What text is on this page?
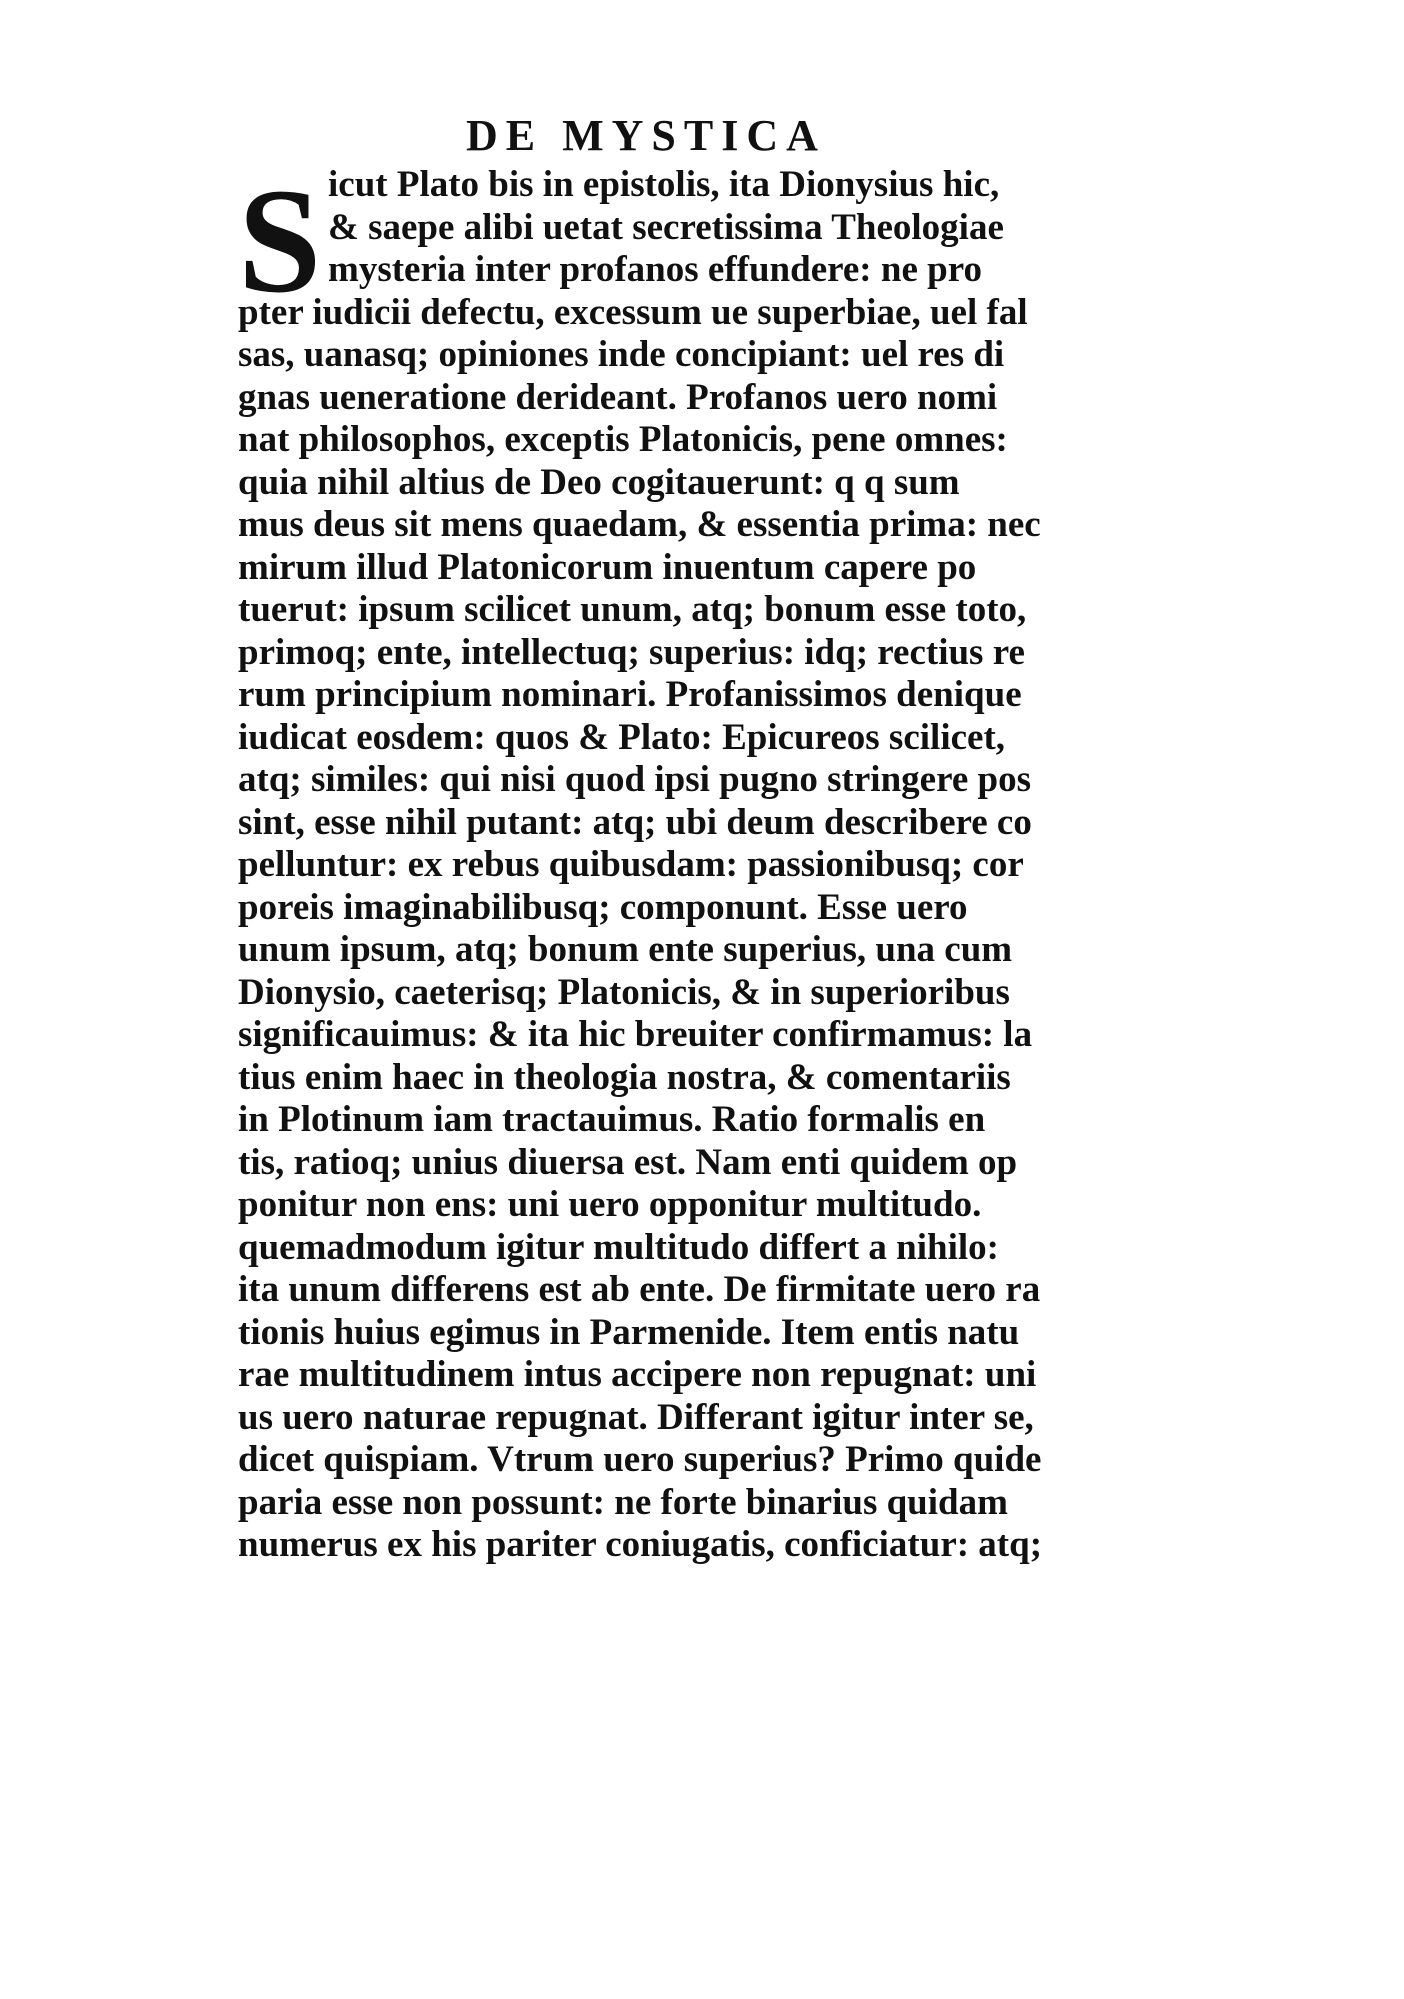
DE MYSTICA
S icut Plato bis in epistolis, ita Dionysius hic,
& saepe alibi uetat secretissima Theologiae
mysteria inter profanos effundere: ne pro
pter iudicii defectu, excessum ue superbiae, uel fal
sas, uanasq; opiniones inde concipiant: uel res di
gnas ueneratione derideant. Profanos uero nomi
nat philosophos, exceptis Platonicis, pene omnes:
quia nihil altius de Deo cogitauerunt: q q sum
mus deus sit mens quaedam, & essentia prima: nec
mirum illud Platonicorum inuentum capere po
tuerut: ipsum scilicet unum, atq; bonum esse toto,
primoq; ente, intellectuq; superius: idq; rectius re
rum principium nominari. Profanissimos denique
iudicat eosdem: quos & Plato: Epicureos scilicet,
atq; similes: qui nisi quod ipsi pugno stringere pos
sint, esse nihil putant: atq; ubi deum describere co
pelluntur: ex rebus quibusdam: passionibusq; cor
poreis imaginabilibusq; componunt. Esse uero
unum ipsum, atq; bonum ente superius, una cum
Dionysio, caeterisq; Platonicis, & in superioribus
significauimus: & ita hic breuiter confirmamus: la
tius enim haec in theologia nostra, & comentariis
in Plotinum iam tractauimus. Ratio formalis en
tis, ratioq; unius diuersa est. Nam enti quidem op
ponitur non ens: uni uero opponitur multitudo.
quemadmodum igitur multitudo differt a nihilo:
ita unum differens est ab ente. De firmitate uero ra
tionis huius egimus in Parmenide. Item entis natu
rae multitudinem intus accipere non repugnat: uni
us uero naturae repugnat. Differant igitur inter se,
dicet quispiam. Vtrum uero superius? Primo quide
paria esse non possunt: ne forte binarius quidam
numerus ex his pariter coniugatis, conficiatur: atq;
